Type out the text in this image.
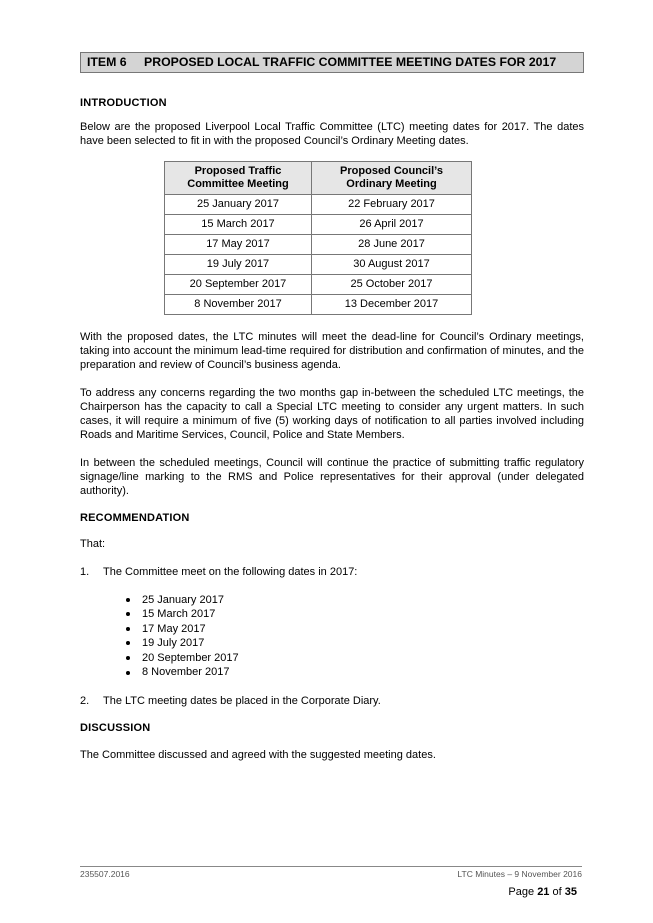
ITEM 6	PROPOSED LOCAL TRAFFIC COMMITTEE MEETING DATES FOR 2017
INTRODUCTION

Below are the proposed Liverpool Local Traffic Committee (LTC) meeting dates for 2017. The dates have been selected to fit in with the proposed Council’s Ordinary Meeting dates.

Proposed Traffic Committee Meeting	Proposed Council’s Ordinary Meeting
25 January 2017	22 February 2017
15 March 2017	26 April 2017
17 May 2017	28 June 2017
19 July 2017	30 August 2017
20 September 2017	25 October 2017
8 November 2017	13 December 2017

With the proposed dates, the LTC minutes will meet the dead-line for Council’s Ordinary meetings, taking into account the minimum lead-time required for distribution and confirmation of minutes, and the preparation and review of Council’s business agenda.

To address any concerns regarding the two months gap in-between the scheduled LTC meetings, the Chairperson has the capacity to call a Special LTC meeting to consider any urgent matters. In such cases, it will require a minimum of five (5) working days of notification to all parties involved including Roads and Maritime Services, Council, Police and State Members.

In between the scheduled meetings, Council will continue the practice of submitting traffic regulatory signage/line marking to the RMS and Police representatives for their approval (under delegated authority).

RECOMMENDATION

That:

1.	The Committee meet on the following dates in 2017:
25 January 2017
15 March 2017
17 May 2017
19 July 2017
20 September 2017
8 November 2017
2.	The LTC meeting dates be placed in the Corporate Diary.
DISCUSSION

The Committee discussed and agreed with the suggested meeting dates.

235507.2016	LTC Minutes – 9 November 2016
Page 21 of 35
